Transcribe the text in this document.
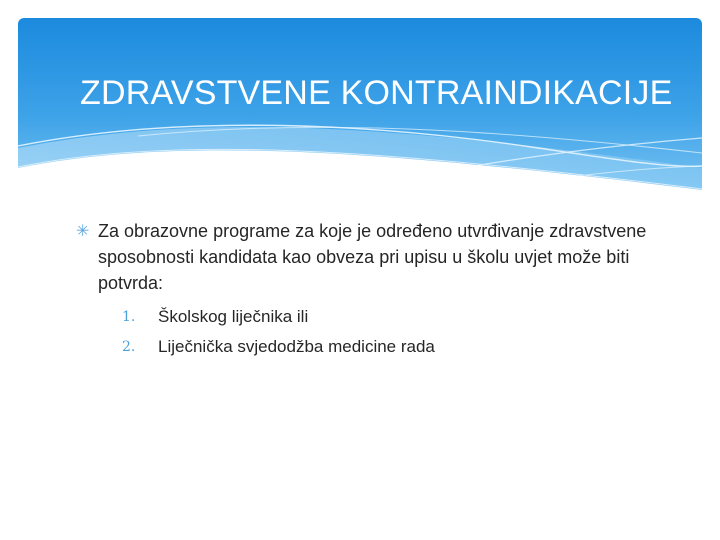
ZDRAVSTVENE KONTRAINDIKACIJE
✳ Za obrazovne programe za koje je određeno utvrđivanje zdravstvene sposobnosti kandidata kao obveza pri upisu u školu uvjet može biti potvrda:
1.	Školskog liječnika ili
2.	Liječnička svjedodžba medicine rada
